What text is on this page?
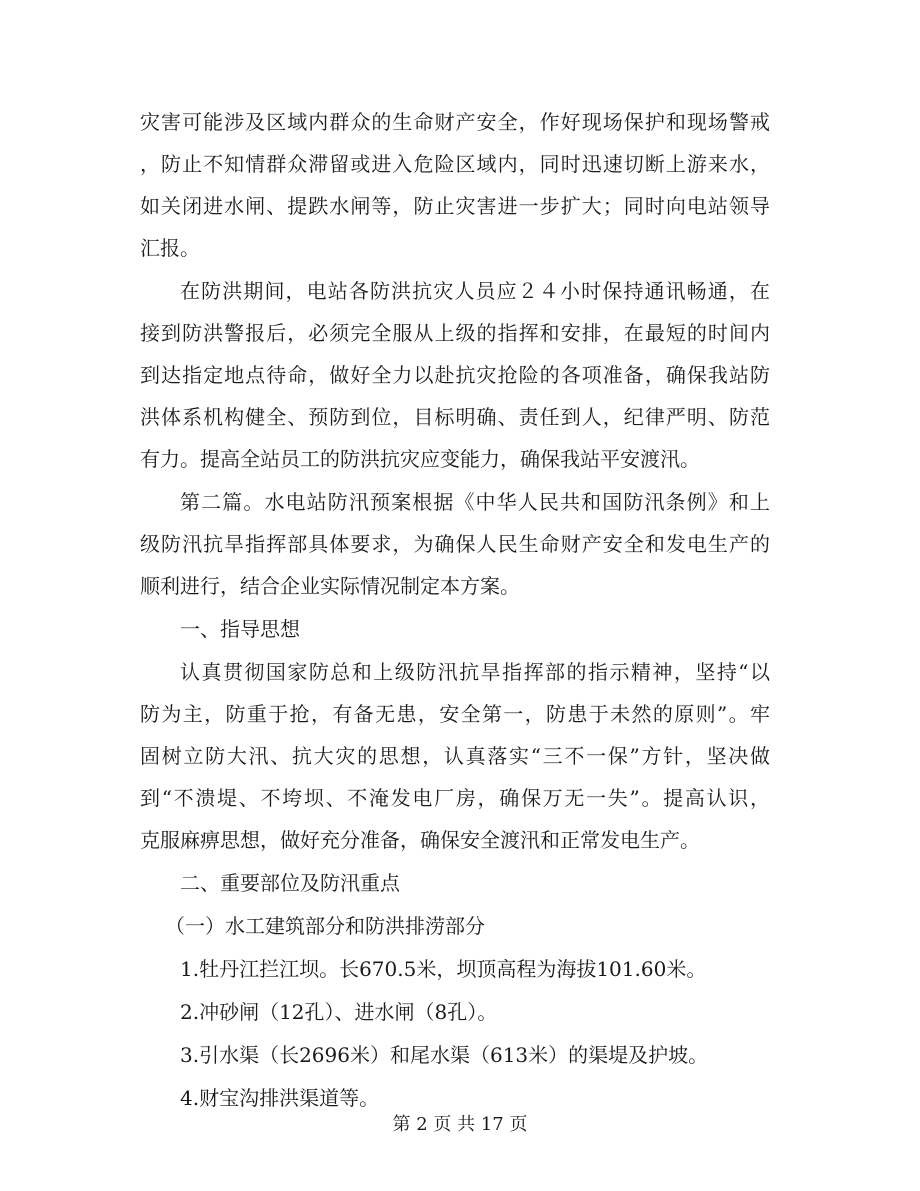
灾害可能涉及区域内群众的生命财产安全，作好现场保护和现场警戒
，防止不知情群众滞留或进入危险区域内，同时迅速切断上游来水，
如关闭进水闸、提跌水闸等，防止灾害进一步扩大；同时向电站领导
汇报。
在防洪期间，电站各防洪抗灾人员应２４小时保持通讯畅通，在
接到防洪警报后，必须完全服从上级的指挥和安排，在最短的时间内
到达指定地点待命，做好全力以赴抗灾抢险的各项准备，确保我站防
洪体系机构健全、预防到位，目标明确、责任到人，纪律严明、防范
有力。提高全站员工的防洪抗灾应变能力，确保我站平安渡汛。
第二篇。水电站防汛预案根据《中华人民共和国防汛条例》和上
级防汛抗旱指挥部具体要求，为确保人民生命财产安全和发电生产的
顺利进行，结合企业实际情况制定本方案。
一、指导思想
认真贯彻国家防总和上级防汛抗旱指挥部的指示精神，坚持“以
防为主，防重于抢，有备无患，安全第一，防患于未然的原则”。牢
固树立防大汛、抗大灾的思想，认真落实“三不一保”方针，坚决做
到“不溃堤、不垮坝、不淹发电厂房，确保万无一失”。提高认识，
克服麻痹思想，做好充分准备，确保安全渡汛和正常发电生产。
二、重要部位及防汛重点
（一）水工建筑部分和防洪排涝部分
1.牡丹江拦江坝。长670.5米，坝顶高程为海拔101.60米。
2.冲砂闸（12孔）、进水闸（8孔）。
3.引水渠（长2696米）和尾水渠（613米）的渠堤及护坡。
4.财宝沟排洪渠道等。
第 2 页 共 17 页
